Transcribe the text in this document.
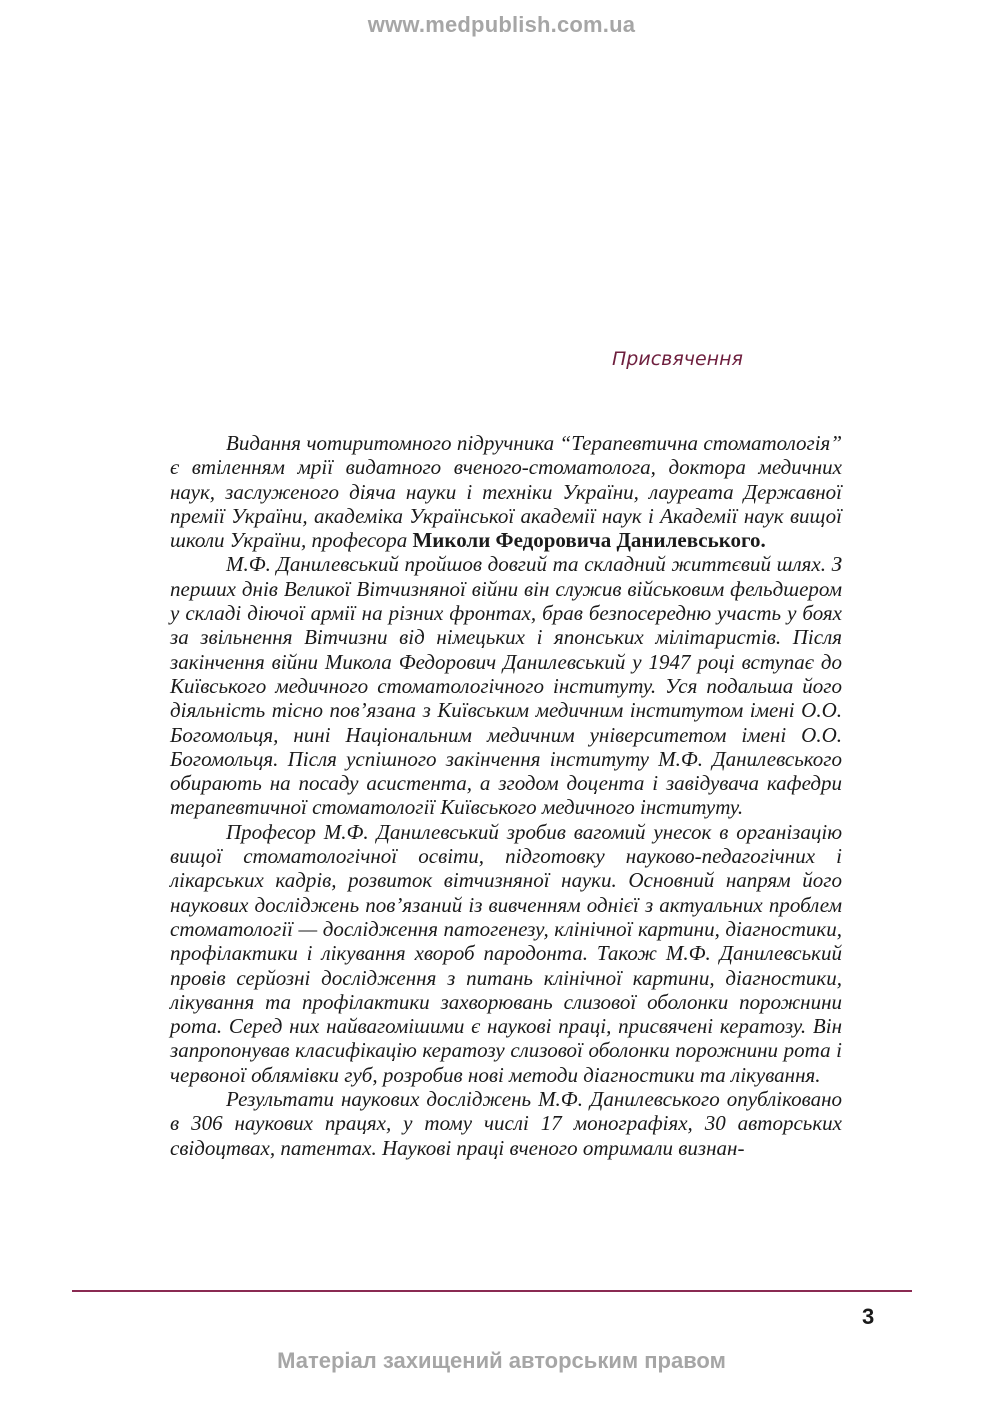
www.medpublish.com.ua
Присвячення

Видання чотиритомного підручника “Терапевтична стоматологія” є втіленням мрії видатного вченого-стоматолога, доктора медичних наук, заслуженого діяча науки і техніки України, лауреата Державної премії України, академіка Української академії наук і Академії наук вищої школи України, професора Миколи Федоровича Данилевського.

М.Ф. Данилевський пройшов довгий та складний життєвий шлях. З перших днів Великої Вітчизняної війни він служив військовим фельдшером у складі діючої армії на різних фронтах, брав безпосередню участь у боях за звільнення Вітчизни від німецьких і японських мілітаристів. Після закінчення війни Микола Федорович Данилевський у 1947 році вступає до Київського медичного стоматологічного інституту. Уся подальша його діяльність тісно пов’язана з Київським медичним інститутом імені О.О. Богомольця, нині Національним медичним університетом імені О.О. Богомольця. Після успішного закінчення інституту М.Ф. Данилевського обирають на посаду асистента, а згодом доцента і завідувача кафедри терапевтичної стоматології Київського медичного інституту.

Професор М.Ф. Данилевський зробив вагомий унесок в організацію вищої стоматологічної освіти, підготовку науково-педагогічних і лікарських кадрів, розвиток вітчизняної науки. Основний напрям його наукових досліджень пов’язаний із вивченням однієї з актуальних проблем стоматології — дослідження патогенезу, клінічної картини, діагностики, профілактики і лікування хвороб пародонта. Також М.Ф. Данилевський провів серйозні дослідження з питань клінічної картини, діагностики, лікування та профілактики захворювань слизової оболонки порожнини рота. Серед них найвагомішими є наукові праці, присвячені кератозу. Він запропонував класифікацію кератозу слизової оболонки порожнини рота і червоної облямівки губ, розробив нові методи діагностики та лікування.

Результати наукових досліджень М.Ф. Данилевського опубліковано в 306 наукових працях, у тому числі 17 монографіях, 30 авторських свідоцтвах, патентах. Наукові праці вченого отримали визнан-

3
Матеріал захищений авторським правом
